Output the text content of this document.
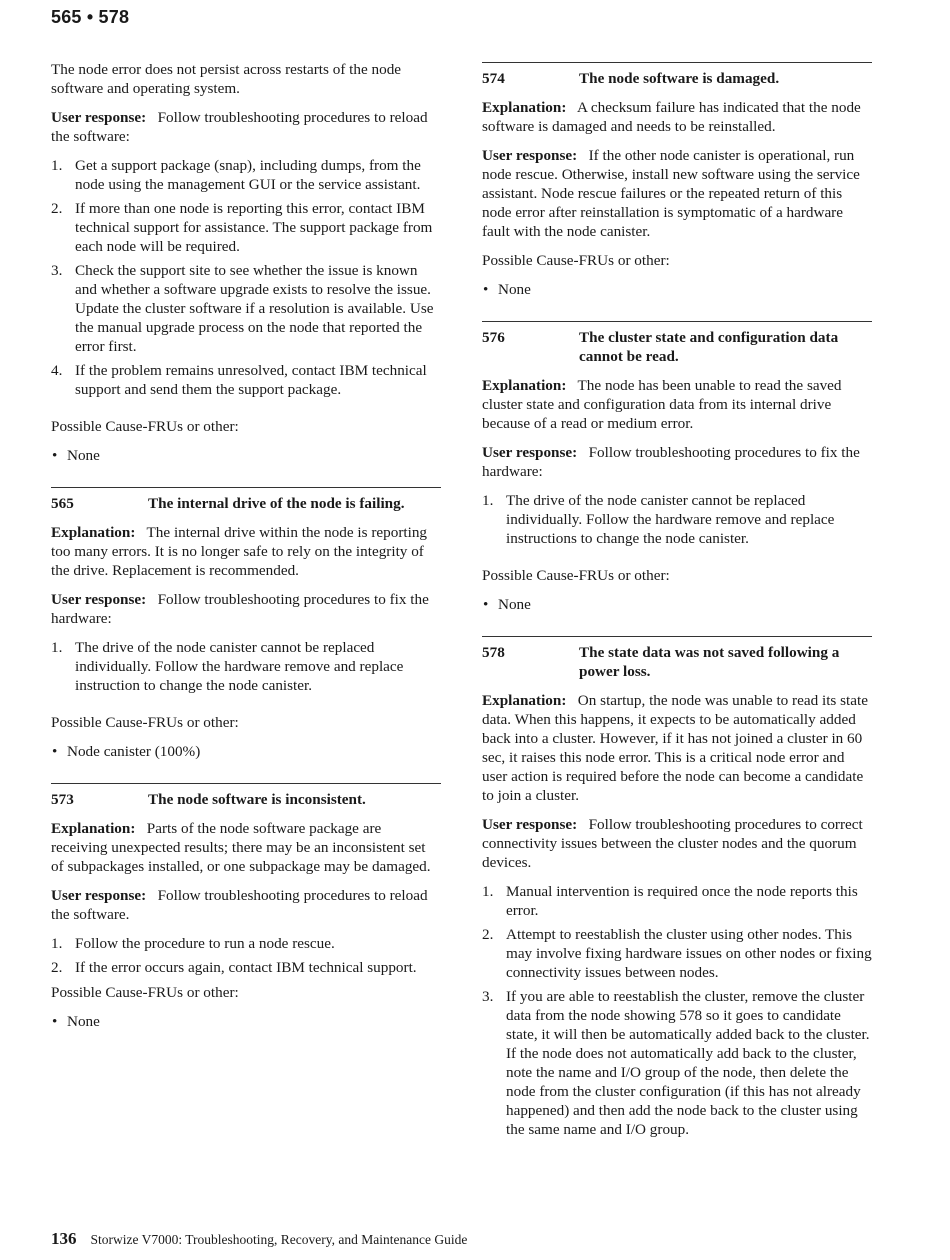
565 • 578

The node error does not persist across restarts of the node software and operating system.

User response: Follow troubleshooting procedures to reload the software:

1. Get a support package (snap), including dumps, from the node using the management GUI or the service assistant.
2. If more than one node is reporting this error, contact IBM technical support for assistance. The support package from each node will be required.
3. Check the support site to see whether the issue is known and whether a software upgrade exists to resolve the issue. Update the cluster software if a resolution is available. Use the manual upgrade process on the node that reported the error first.
4. If the problem remains unresolved, contact IBM technical support and send them the support package.

Possible Cause-FRUs or other:

• None
565	The internal drive of the node is failing.

Explanation: The internal drive within the node is reporting too many errors. It is no longer safe to rely on the integrity of the drive. Replacement is recommended.

User response: Follow troubleshooting procedures to fix the hardware:

1. The drive of the node canister cannot be replaced individually. Follow the hardware remove and replace instruction to change the node canister.

Possible Cause-FRUs or other:

• Node canister (100%)
573	The node software is inconsistent.

Explanation: Parts of the node software package are receiving unexpected results; there may be an inconsistent set of subpackages installed, or one subpackage may be damaged.

User response: Follow troubleshooting procedures to reload the software.

1. Follow the procedure to run a node rescue.
2. If the error occurs again, contact IBM technical support.

Possible Cause-FRUs or other:

• None
574	The node software is damaged.

Explanation: A checksum failure has indicated that the node software is damaged and needs to be reinstalled.

User response: If the other node canister is operational, run node rescue. Otherwise, install new software using the service assistant. Node rescue failures or the repeated return of this node error after reinstallation is symptomatic of a hardware fault with the node canister.

Possible Cause-FRUs or other:

• None
576	The cluster state and configuration data cannot be read.

Explanation: The node has been unable to read the saved cluster state and configuration data from its internal drive because of a read or medium error.

User response: Follow troubleshooting procedures to fix the hardware:

1. The drive of the node canister cannot be replaced individually. Follow the hardware remove and replace instructions to change the node canister.

Possible Cause-FRUs or other:

• None
578	The state data was not saved following a power loss.

Explanation: On startup, the node was unable to read its state data. When this happens, it expects to be automatically added back into a cluster. However, if it has not joined a cluster in 60 sec, it raises this node error. This is a critical node error and user action is required before the node can become a candidate to join a cluster.

User response: Follow troubleshooting procedures to correct connectivity issues between the cluster nodes and the quorum devices.

1. Manual intervention is required once the node reports this error.
2. Attempt to reestablish the cluster using other nodes. This may involve fixing hardware issues on other nodes or fixing connectivity issues between nodes.
3. If you are able to reestablish the cluster, remove the cluster data from the node showing 578 so it goes to candidate state, it will then be automatically added back to the cluster. If the node does not automatically add back to the cluster, note the name and I/O group of the node, then delete the node from the cluster configuration (if this has not already happened) and then add the node back to the cluster using the same name and I/O group.
136 Storwize V7000: Troubleshooting, Recovery, and Maintenance Guide
